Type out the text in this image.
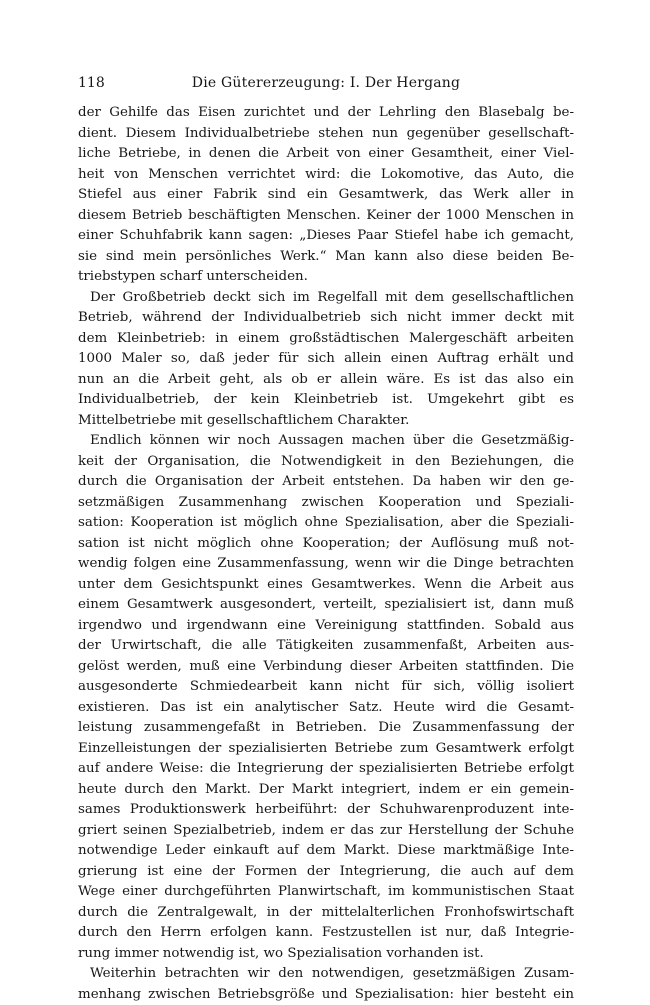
118	Die Gütererzeugung: I. Der Hergang
der Gehilfe das Eisen zurichtet und der Lehrling den Blasebalg be-
dient. Diesem Individualbetriebe stehen nun gegenüber gesellschaft-
liche Betriebe, in denen die Arbeit von einer Gesamtheit, einer Viel-
heit von Menschen verrichtet wird: die Lokomotive, das Auto, die
Stiefel aus einer Fabrik sind ein Gesamtwerk, das Werk aller in
diesem Betrieb beschäftigten Menschen. Keiner der 1000 Menschen in
einer Schuhfabrik kann sagen: „Dieses Paar Stiefel habe ich gemacht,
sie sind mein persönliches Werk.“ Man kann also diese beiden Be-
triebstypen scharf unterscheiden.
Der Großbetrieb deckt sich im Regelfall mit dem gesellschaftlichen
Betrieb, während der Individualbetrieb sich nicht immer deckt mit
dem Kleinbetrieb: in einem großstädtischen Malergeschäft arbeiten
1000 Maler so, daß jeder für sich allein einen Auftrag erhält und
nun an die Arbeit geht, als ob er allein wäre. Es ist das also ein
Individualbetrieb, der kein Kleinbetrieb ist. Umgekehrt gibt es
Mittelbetriebe mit gesellschaftlichem Charakter.
Endlich können wir noch Aussagen machen über die Gesetzmäßig-
keit der Organisation, die Notwendigkeit in den Beziehungen, die
durch die Organisation der Arbeit entstehen. Da haben wir den ge-
setzmäßigen Zusammenhang zwischen Kooperation und Speziali-
sation: Kooperation ist möglich ohne Spezialisation, aber die Speziali-
sation ist nicht möglich ohne Kooperation; der Auflösung muß not-
wendig folgen eine Zusammenfassung, wenn wir die Dinge betrachten
unter dem Gesichtspunkt eines Gesamtwerkes. Wenn die Arbeit aus
einem Gesamtwerk ausgesondert, verteilt, spezialisiert ist, dann muß
irgendwo und irgendwann eine Vereinigung stattfinden. Sobald aus
der Urwirtschaft, die alle Tätigkeiten zusammenfaßt, Arbeiten aus-
gelöst werden, muß eine Verbindung dieser Arbeiten stattfinden. Die
ausgesonderte Schmiedearbeit kann nicht für sich, völlig isoliert
existieren. Das ist ein analytischer Satz. Heute wird die Gesamt-
leistung zusammengefaßt in Betrieben. Die Zusammenfassung der
Einzelleistungen der spezialisierten Betriebe zum Gesamtwerk erfolgt
auf andere Weise: die Integrierung der spezialisierten Betriebe erfolgt
heute durch den Markt. Der Markt integriert, indem er ein gemein-
sames Produktionswerk herbeiführt: der Schuhwarenproduzent inte-
griert seinen Spezialbetrieb, indem er das zur Herstellung der Schuhe
notwendige Leder einkauft auf dem Markt. Diese marktmäßige Inte-
grierung ist eine der Formen der Integrierung, die auch auf dem
Wege einer durchgeführten Planwirtschaft, im kommunistischen Staat
durch die Zentralgewalt, in der mittelalterlichen Fronhofswirtschaft
durch den Herrn erfolgen kann. Festzustellen ist nur, daß Integrie-
rung immer notwendig ist, wo Spezialisation vorhanden ist.
Weiterhin betrachten wir den notwendigen, gesetzmäßigen Zusam-
menhang zwischen Betriebsgröße und Spezialisation: hier besteht ein
